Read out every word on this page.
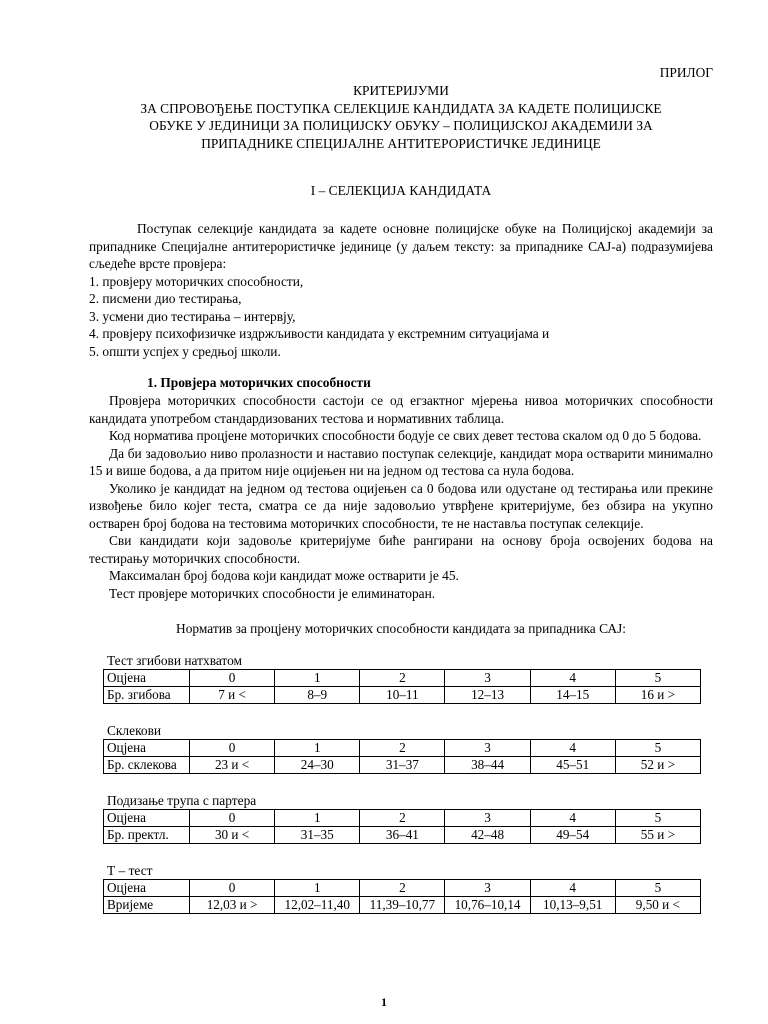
ПРИЛОГ
КРИТЕРИЈУМИ
ЗА СПРОВОЂЕЊЕ ПОСТУПКА СЕЛЕКЦИЈЕ КАНДИДАТА ЗА КАДЕТЕ ПОЛИЦИЈСКЕ
ОБУКЕ У ЈЕДИНИЦИ ЗА ПОЛИЦИЈСКУ ОБУКУ – ПОЛИЦИЈСКОЈ АКАДЕМИЈИ ЗА
ПРИПАДНИКЕ СПЕЦИЈАЛНЕ АНТИТЕРОРИСТИЧКЕ ЈЕДИНИЦЕ
I – СЕЛЕКЦИЈА КАНДИДАТА
Поступак селекције кандидата за кадете основне полицијске обуке на Полицијској академији за припаднике Специјалне антитерористичке јединице (у даљем тексту: за припаднике САЈ-а) подразумијева сљедеће врсте провјера:
1. провјеру моторичких способности,
2. писмени дио тестирања,
3. усмени дио тестирања – интервју,
4. провјеру психофизичке издржљивости кандидата у екстремним ситуацијама и
5. општи успјех у средњој школи.
1. Провјера моторичких способности
Провјера моторичких способности састоји се од егзактног мјерења нивоа моторичких способности кандидата употребом стандардизованих тестова и нормативних таблица.
Код норматива процјене моторичких способности бодује се свих девет тестова скалом од 0 до 5 бодова.
Да би задовољио ниво пролазности и наставио поступак селекције, кандидат мора остварити минимално 15 и више бодова, а да притом није оцијењен ни на једном од тестова са нула бодова.
Уколико је кандидат на једном од тестова оцијењен са 0 бодова или одустане од тестирања или прекине извођење било којег теста, сматра се да није задовољио утврђене критеријуме, без обзира на укупно остварен број бодова на тестовима моторичких способности, те не наставља поступак селекције.
Сви кандидати који задовоље критеријуме биће рангирани на основу броја освојених бодова на тестирању моторичких способности.
Максималан број бодова који кандидат може остварити је 45.
Тест провјере моторичких способности је елиминаторан.
Норматив за процјену моторичких способности кандидата за припадника САЈ:
Тест згибови натхватом
Оцјена	0	1	2	3	4	5
Бр. згибова	7 и <	8–9	10–11	12–13	14–15	16 и >
Склекови
Оцјена	0	1	2	3	4	5
Бр. склекова	23 и <	24–30	31–37	38–44	45–51	52 и >
Подизање трупа с партера
Оцјена	0	1	2	3	4	5
Бр. пректл.	30 и <	31–35	36–41	42–48	49–54	55 и >
Т – тест
Оцјена	0	1	2	3	4	5
Вријеме	12,03 и >	12,02–11,40	11,39–10,77	10,76–10,14	10,13–9,51	9,50 и <
1
